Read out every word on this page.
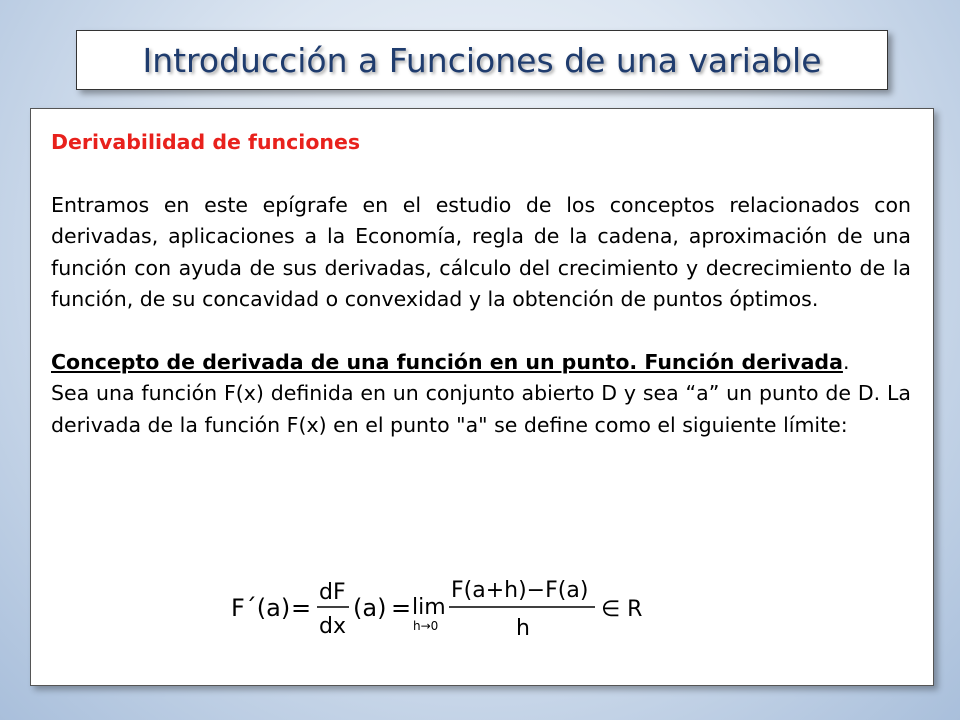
Introducción a Funciones de una variable

Derivabilidad de funciones

Entramos en este epígrafe en el estudio de los conceptos relacionados con derivadas, aplicaciones a la Economía, regla de la cadena, aproximación de una función con ayuda de sus derivadas, cálculo del crecimiento y decrecimiento de la función, de su concavidad o convexidad y la obtención de puntos óptimos.

Concepto de derivada de una función en un punto. Función derivada.

Sea una función F(x) definida en un conjunto abierto D y sea “a” un punto de D. La derivada de la función F(x) en el punto "a" se define como el siguiente límite:

F´(a) =
dF
dx
(a) = lim
h→0
F(a+h)−F(a)
h
∈ R
